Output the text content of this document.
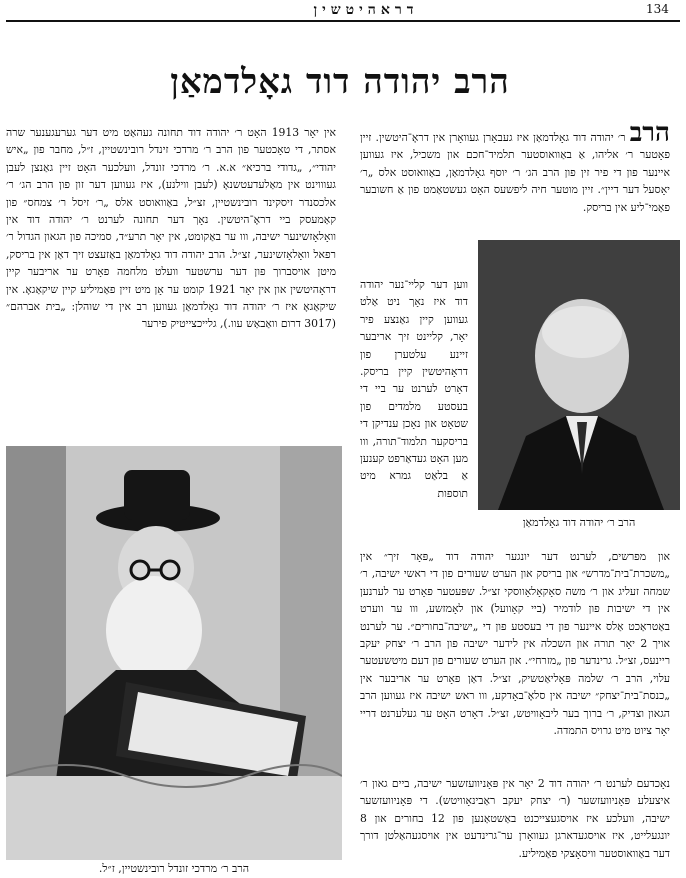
דראהיטשין	134
הרב יהודה דוד גאָלדמאַן

הרב ר׳ יהודה דוד גאָלדמאַן איז געבאָרן געוואָרן אין דראָ־היטשין. זיין פאָטער ר׳ אליהו, אַ באַוואוסטער תלמיד־חכם און משכיל, איז געווען איינער פון די פיר זין פון הרב הג׳ ר׳ יוסף גאָלדמאַן, באַוואוסט אלס „ר׳ יאָסעל דער דיין״. זיין מוטער חיה ליפשעס האָט געשטאַמט פון אַ חשובער פאַמי־ליע אין בריסק.

ווען דער קליי־נער יהודה דוד איז נאָך ניט אַלט געווען קיין גאַנצע פיר יאָר, קליינט זיך אריבער זיינע עלטערן פון דראָהיטשין קיין בריסק. דאָרט לערנט ער ביי די בעסטע מלמדים פון שטאָט און נאָכן ענדיקן די בריסקער תלמוד־תורה, ווו מען האָט געדאַרפט קענען אַ בלאַט גמרא מיט תוספות
הרב ר׳ יהודה דוד גאָלדמאַן
און מפרשים, לערנט דער יונגער יהודה דוד „פּאָר זיך״ אין „משכרת־בית־מדרש״ און בריסק און הערט שעורים פון די ראשי ישיבה, ר׳ שמחה זעליג און ר׳ משה סאָקאָלאָווסקי זצ״ל. שפּעטער פאָרט ער לערנען אין די ישיבות פון לודמיר (ביי קאָוועל) און לאָמזשע, ווו ער ווערט באַטראַכט אַלס איינער פון די בעסטע פון די „ישיבה־בחורים״. ער לערנט אויך 2 יאָר תורה און השכלה אין לידער ישיבה פון הרב ר׳ יצחק יעקב ריינעס, זצ״ל. גרינדער פון „מזרחי״. און הערט שעורים פון דעם מיטשעטער עלוי, הרב ר׳ שלמה פּאָליאַטשיק, זצ״ל. דאַן פאָרט ער אריבער אין „כנסת־בית־יצחק״ ישיבה אין סלאָ־באָדקע, ווו ראש ישיבה איז געווען הרב הגאון וצדיק, ר׳ ברוך בער ליבאָוויטש, זצ״ל. דאָרט האָט ער געלערנט דריי יאָר ציוט מיט גרויס התמדה.
נאָכדעם לערנט ר׳ יהודה דוד 2 יאָר אין פּאָניוועזשער ישיבה, ביים גאון ר׳ איצעלע פּאָניוועזשער (ר׳ יצחק יעקב ראַבינאָוויטש). די פּאָניוועזשער ישיבה, וועלכע איז אויסגעצייכנט באַשטאַנען פון 12 בחורים און 8 יונגעלייט, איז אויסגעדארגן געוואָרן ער־גרינדעט אין אויסגעהאַלטן דורך דער באַוואוסטער וויסאָצקי פאַמיליע.
אין יאָר 1913 האָט ר׳ יהודה דוד תחונה געהאַט מיט דער גערעגענער שרה אסתר, די טאָכטער פון הרב ר׳ מרדכי זינדל רובינשטיין, ז״ל, מחבר פון „איש יהודי״, „גדודי ברכיא״ א.א. ר׳ מרדכי זונדל, וועלכער האָט זיין גאַנצן לעבן געוווינט אין מאַלעדעטשנאָ (לעבן ווילנע), איז געווען דער זון פון הרב הג׳ ר׳ אלכסנדר זיסקינד רובינשטיין, זצ״ל, באַוואוסט אלס „ר׳ זיסל ר׳ צמחס״ פון קאַמעסק ביי דראָ־היטשין. נאָך דער תחונה לערנט ר׳ יהודה דוד אין וואָלאָזשינער ישיבה, ווו ער באַקומט, אין יאָר תרע״ד, סמיכה פון הגאון הגדול ר׳ רפאל וואָלאָזשינער, זצ״ל. הרב יהודה דוד גאָלדמאַן באַזעצט זיך דאַן אין בריסק, מיטן אויסברוך פון דער ערשטער וועלט מלחמה פאָרט ער אריבער קיין דראָהיטשין און אין יאָר 1921 קומט ער אָן מיט זיין פאַמיליע קיין שיקאַגאָ. אין שיקאַגאָ איז ר׳ יהודה דוד גאָלדמאַן געווען רב אין די שוהלן: „בית אברהם״ (3017 דרום וואַבאַש עוו.), גלייכצייטיק פירער
הרב ר׳ מרדכי זונדל רובינשטיין, ז״ל.
